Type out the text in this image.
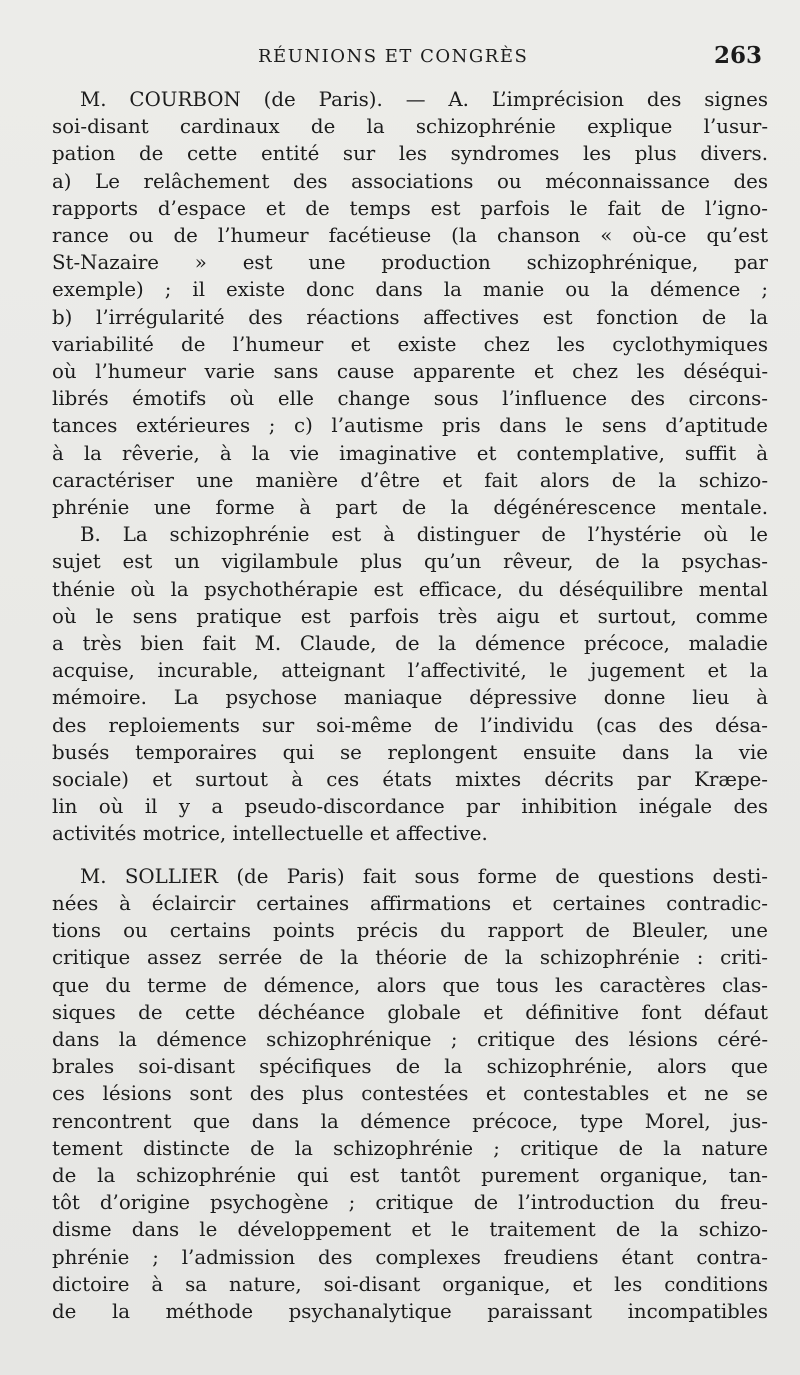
RÉUNIONS ET CONGRÈS	263
M. COURBON (de Paris). — A. L’imprécision des signes
soi-disant cardinaux de la schizophrénie explique l’usur-
pation de cette entité sur les syndromes les plus divers.
a) Le relâchement des associations ou méconnaissance des
rapports d’espace et de temps est parfois le fait de l’igno-
rance ou de l’humeur facétieuse (la chanson « où-ce qu’est
St-Nazaire » est une production schizophrénique, par
exemple) ; il existe donc dans la manie ou la démence ;
b) l’irrégularité des réactions affectives est fonction de la
variabilité de l’humeur et existe chez les cyclothymiques
où l’humeur varie sans cause apparente et chez les déséqui-
librés émotifs où elle change sous l’influence des circons-
tances extérieures ; c) l’autisme pris dans le sens d’aptitude
à la rêverie, à la vie imaginative et contemplative, suffit à
caractériser une manière d’être et fait alors de la schizo-
phrénie une forme à part de la dégénérescence mentale.
B. La schizophrénie est à distinguer de l’hystérie où le
sujet est un vigilambule plus qu’un rêveur, de la psychas-
thénie où la psychothérapie est efficace, du déséquilibre mental
où le sens pratique est parfois très aigu et surtout, comme
a très bien fait M. Claude, de la démence précoce, maladie
acquise, incurable, atteignant l’affectivité, le jugement et la
mémoire. La psychose maniaque dépressive donne lieu à
des reploiements sur soi-même de l’individu (cas des désa-
busés temporaires qui se replongent ensuite dans la vie
sociale) et surtout à ces états mixtes décrits par Kræpe-
lin où il y a pseudo-discordance par inhibition inégale des
activités motrice, intellectuelle et affective.
M. SOLLIER (de Paris) fait sous forme de questions desti-
nées à éclaircir certaines affirmations et certaines contradic-
tions ou certains points précis du rapport de Bleuler, une
critique assez serrée de la théorie de la schizophrénie : criti-
que du terme de démence, alors que tous les caractères clas-
siques de cette déchéance globale et définitive font défaut
dans la démence schizophrénique ; critique des lésions céré-
brales soi-disant spécifiques de la schizophrénie, alors que
ces lésions sont des plus contestées et contestables et ne se
rencontrent que dans la démence précoce, type Morel, jus-
tement distincte de la schizophrénie ; critique de la nature
de la schizophrénie qui est tantôt purement organique, tan-
tôt d’origine psychogène ; critique de l’introduction du freu-
disme dans le développement et le traitement de la schizo-
phrénie ; l’admission des complexes freudiens étant contra-
dictoire à sa nature, soi-disant organique, et les conditions
de la méthode psychanalytique paraissant incompatibles
